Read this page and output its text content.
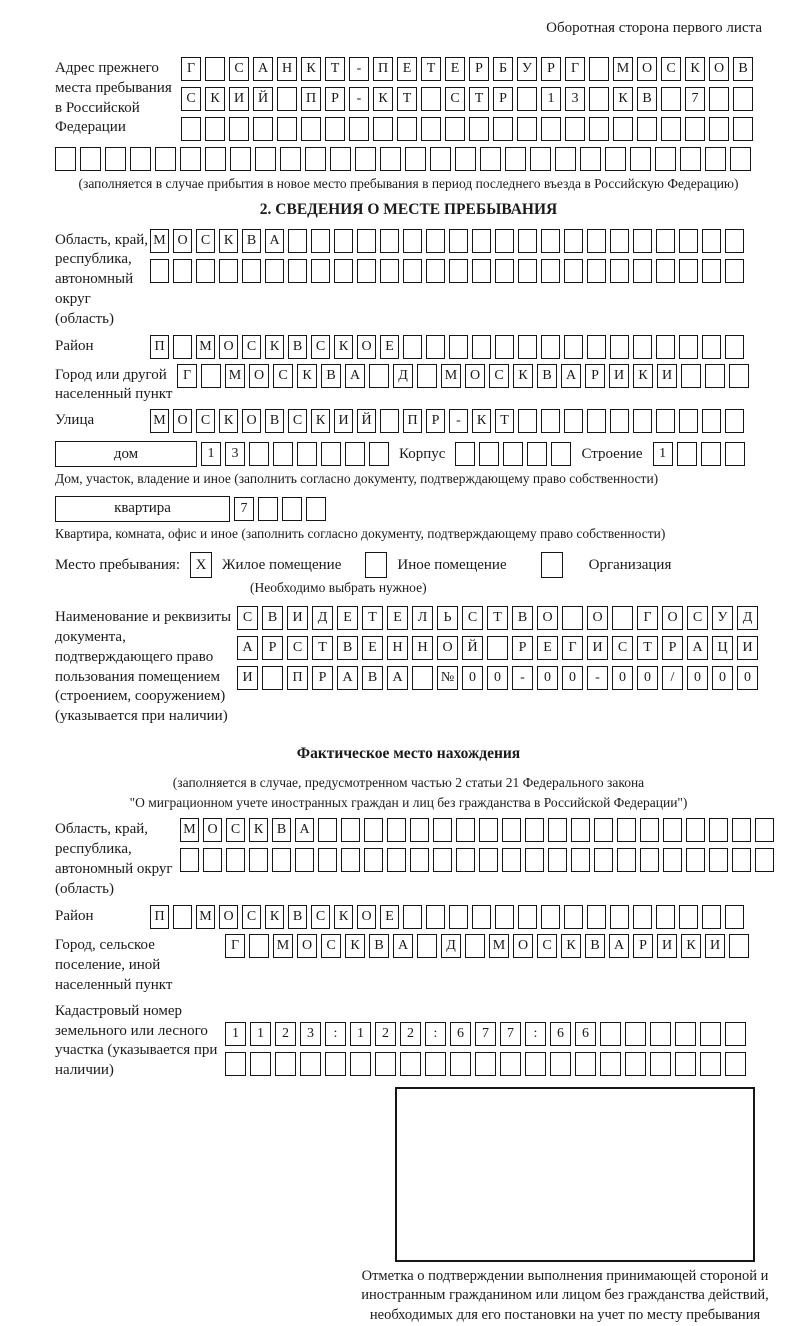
Оборотная сторона первого листа
Адрес прежнего места пребывания в Российской Федерации
Г	С	А Н	К	Т	-	П	Е	Т	Е	Р	Б	У	Р	Г	М О	С	К	О	В
С	К	И Й	П	Р	-	К	Т	С	Т	Р	1	3	К	В	7
(заполняется в случае прибытия в новое место пребывания в период последнего въезда в Российскую Федерацию)
2. СВЕДЕНИЯ О МЕСТЕ ПРЕБЫВАНИЯ
Область, край, республика, автономный округ (область)
М О С К В А
Район	П	М О С К В С К О Е
Город или другой населенный пункт
Г	М О	С	К	В	А	Д	М О	С	К	В	А	Р	И	К	И
Улица	М О С К О В С К И Й	П	Р	-	К	Т
дом	1	3	Корпус	Строение	1
Дом, участок, владение и иное (заполнить согласно документу, подтверждающему право собственности)
квартира	7
Квартира, комната, офис и иное (заполнить согласно документу, подтверждающему право собственности)
Место пребывания:	X	Жилое помещение	Иное помещение	Организация
(Необходимо выбрать нужное)
Наименование и реквизиты документа, подтверждающего право пользования помещением (строением, сооружением) (указывается при наличии)
С	В	И	Д	Е	Т	Е	Л	Ь	С	Т	В	О	О	Г	О	С	У	Д
А	Р	С	Т	В	Е	Н	Н	О	Й	Р	Е	Г	И	С	Т	Р	А	Ц	И
И	П	Р	А	В	А	№	0	0	-	0	0	-	0	0	/	0	0	0
Фактическое место нахождения
(заполняется в случае, предусмотренном частью 2 статьи 21 Федерального закона
"О миграционном учете иностранных граждан и лиц без гражданства в Российской Федерации")
Область, край, республика, автономный округ (область)
М О С К В А
Район	П	М О С К В С К О Е
Город, сельское поселение, иной населенный пункт
Г	М О	С	К	В	А	Д	М О	С	К	В	А	Р	И	К	И
Кадастровый номер земельного или лесного участка (указывается при наличии)
1	1	2	3	:	1	2	2	:	6	7	7	:	6	6
Отметка о подтверждении выполнения принимающей стороной и иностранным гражданином или лицом без гражданства действий, необходимых для его постановки на учет по месту пребывания
